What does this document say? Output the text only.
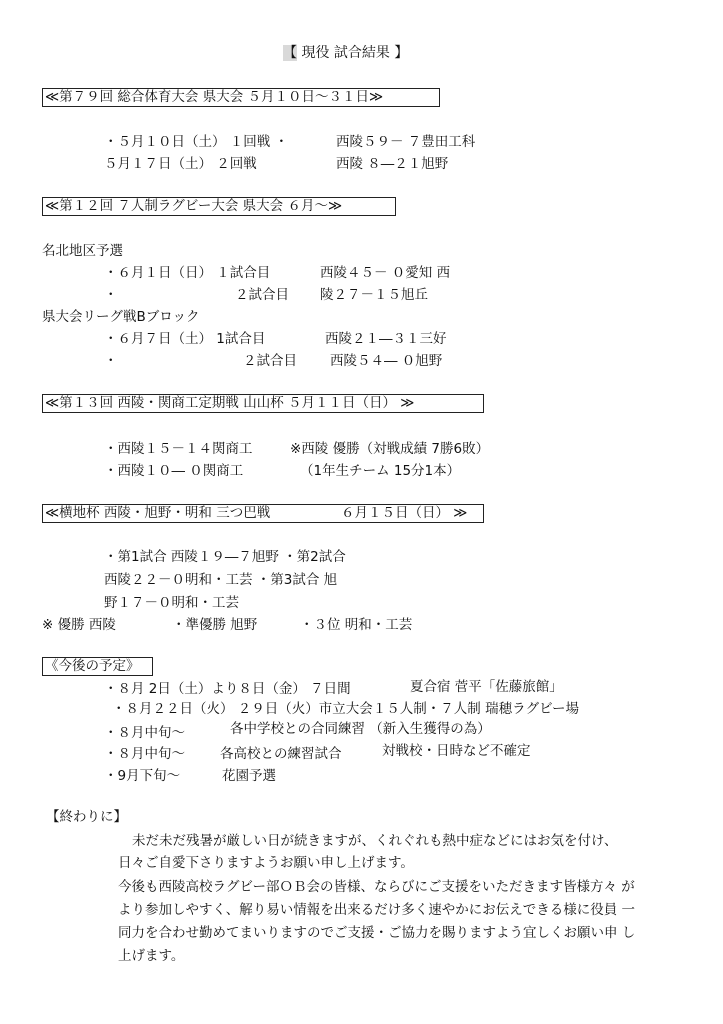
【 現役 試合結果 】
≪第７９回 総合体育大会 県大会 ５月１０日〜３１日≫
・５月１０日（土） １回戦 ・	西陵５９－ ７豊田工科
５月１７日（土） ２回戦	西陵 ８―２１旭野
≪第１２回 ７人制ラグビー大会 県大会 ６月〜≫
名北地区予選
・６月１日（日） １試合目	西陵４５－ ０愛知 西
・	２試合目 陵２７－１５旭丘
県大会リーグ戦Bブロック
・６月７日（土） 1試合目	西陵２１―３１三好
・	２試合目 西陵５４― ０旭野
≪第１３回 西陵・関商工定期戦 山山杯 ５月１１日（日） ≫
・西陵１５－１４関商工	※西陵 優勝（対戦成績 7勝6敗）
・西陵１０― ０関商工	（1年生チーム 15分1本）
≪横地杯 西陵・旭野・明和 三つ巴戦	６月１５日（日） ≫
・第1試合 西陵１９―７旭野 ・第2試合
西陵２２－０明和・工芸 ・第3試合 旭
野１７－０明和・工芸
※ 優勝 西陵	・準優勝 旭野	・３位 明和・工芸
《今後の予定》
・８月 2日（土）より８日（金） ７日間	夏合宿 菅平「佐藤旅館」
・８月２２日（火） ２９日（火）市立大会１５人制・７人制 瑞穂ラグビー場
・８月中旬〜	各中学校との合同練習 （新入生獲得の為）
・８月中旬〜	各高校との練習試合	対戦校・日時など不確定
・9月下旬〜	花園予選
【終わりに】
未だ未だ残暑が厳しい日が続きますが、くれぐれも熱中症などにはお気を付け、
日々ご自愛下さりますようお願い申し上げます。
今後も西陵高校ラグビー部ＯＢ会の皆様、ならびにご支援をいただきます皆様方々 が
より参加しやすく、解り易い情報を出来るだけ多く速やかにお伝えできる様に役員 一
同力を合わせ勤めてまいりますのでご支援・ご協力を賜りますよう宜しくお願い申 し
上げます。
